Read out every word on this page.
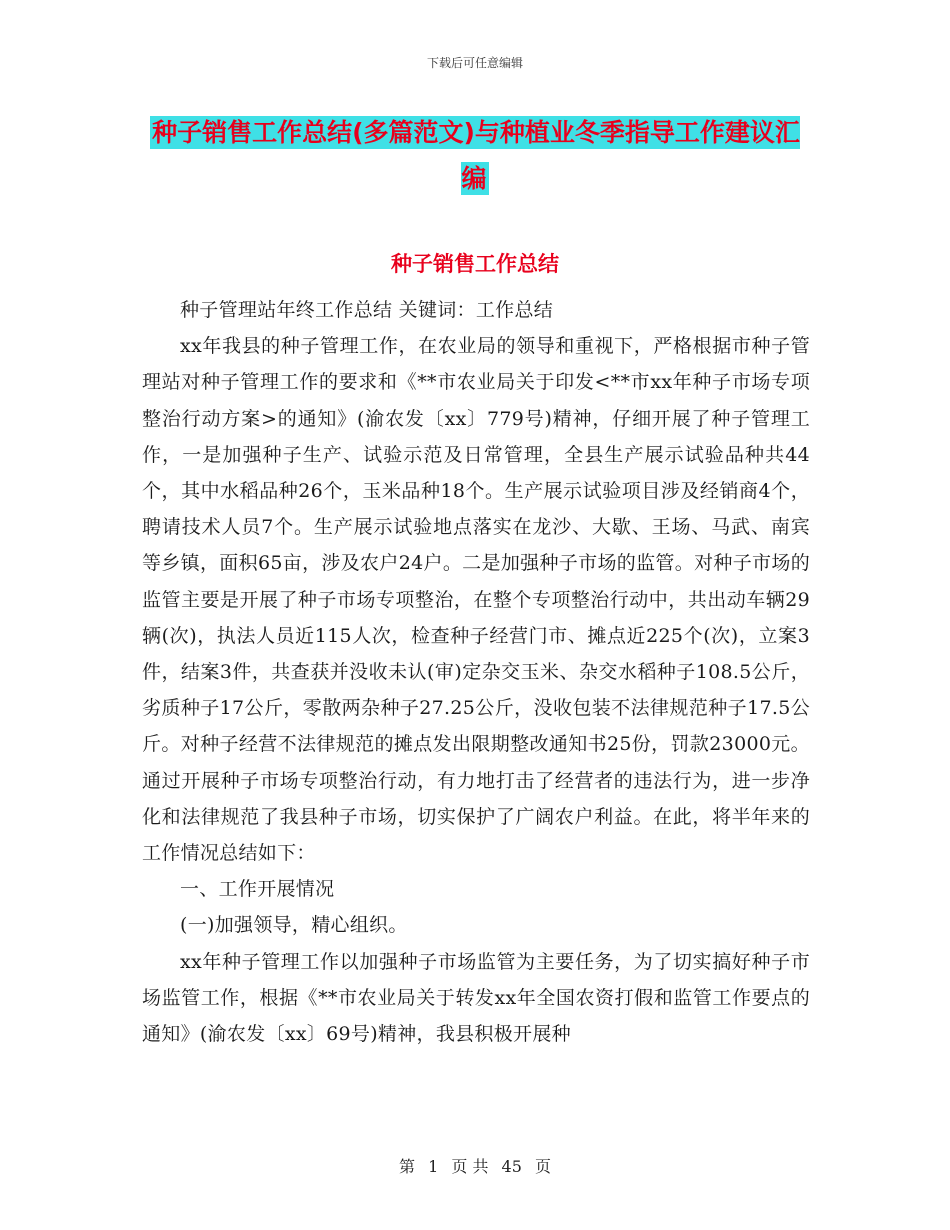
下载后可任意编辑
种子销售工作总结(多篇范文)与种植业冬季指导工作建议汇编
种子销售工作总结

种子管理站年终工作总结 关键词：工作总结

xx年我县的种子管理工作，在农业局的领导和重视下，严格根据市种子管理站对种子管理工作的要求和《**市农业局关于印发<**市xx年种子市场专项整治行动方案>的通知》(渝农发〔xx〕779号)精神，仔细开展了种子管理工作，一是加强种子生产、试验示范及日常管理，全县生产展示试验品种共44个，其中水稻品种26个，玉米品种18个。生产展示试验项目涉及经销商4个，聘请技术人员7个。生产展示试验地点落实在龙沙、大歇、王场、马武、南宾等乡镇，面积65亩，涉及农户24户。二是加强种子市场的监管。对种子市场的监管主要是开展了种子市场专项整治，在整个专项整治行动中，共出动车辆29 辆(次)，执法人员近115人次，检查种子经营门市、摊点近225个(次)，立案3件，结案3件，共查获并没收未认(审)定杂交玉米、杂交水稻种子108.5公斤，劣质种子17公斤，零散两杂种子27.25公斤，没收包装不法律规范种子17.5公斤。对种子经营不法律规范的摊点发出限期整改通知书25份，罚款23000元。通过开展种子市场专项整治行动，有力地打击了经营者的违法行为，进一步净化和法律规范了我县种子市场，切实保护了广阔农户利益。在此，将半年来的工作情况总结如下：

一、工作开展情况

(一)加强领导，精心组织。

xx年种子管理工作以加强种子市场监管为主要任务，为了切实搞好种子市场监管工作，根据《**市农业局关于转发xx年全国农资打假和监管工作要点的通知》(渝农发〔xx〕69号)精神，我县积极开展种

第 1 页 共 45 页
